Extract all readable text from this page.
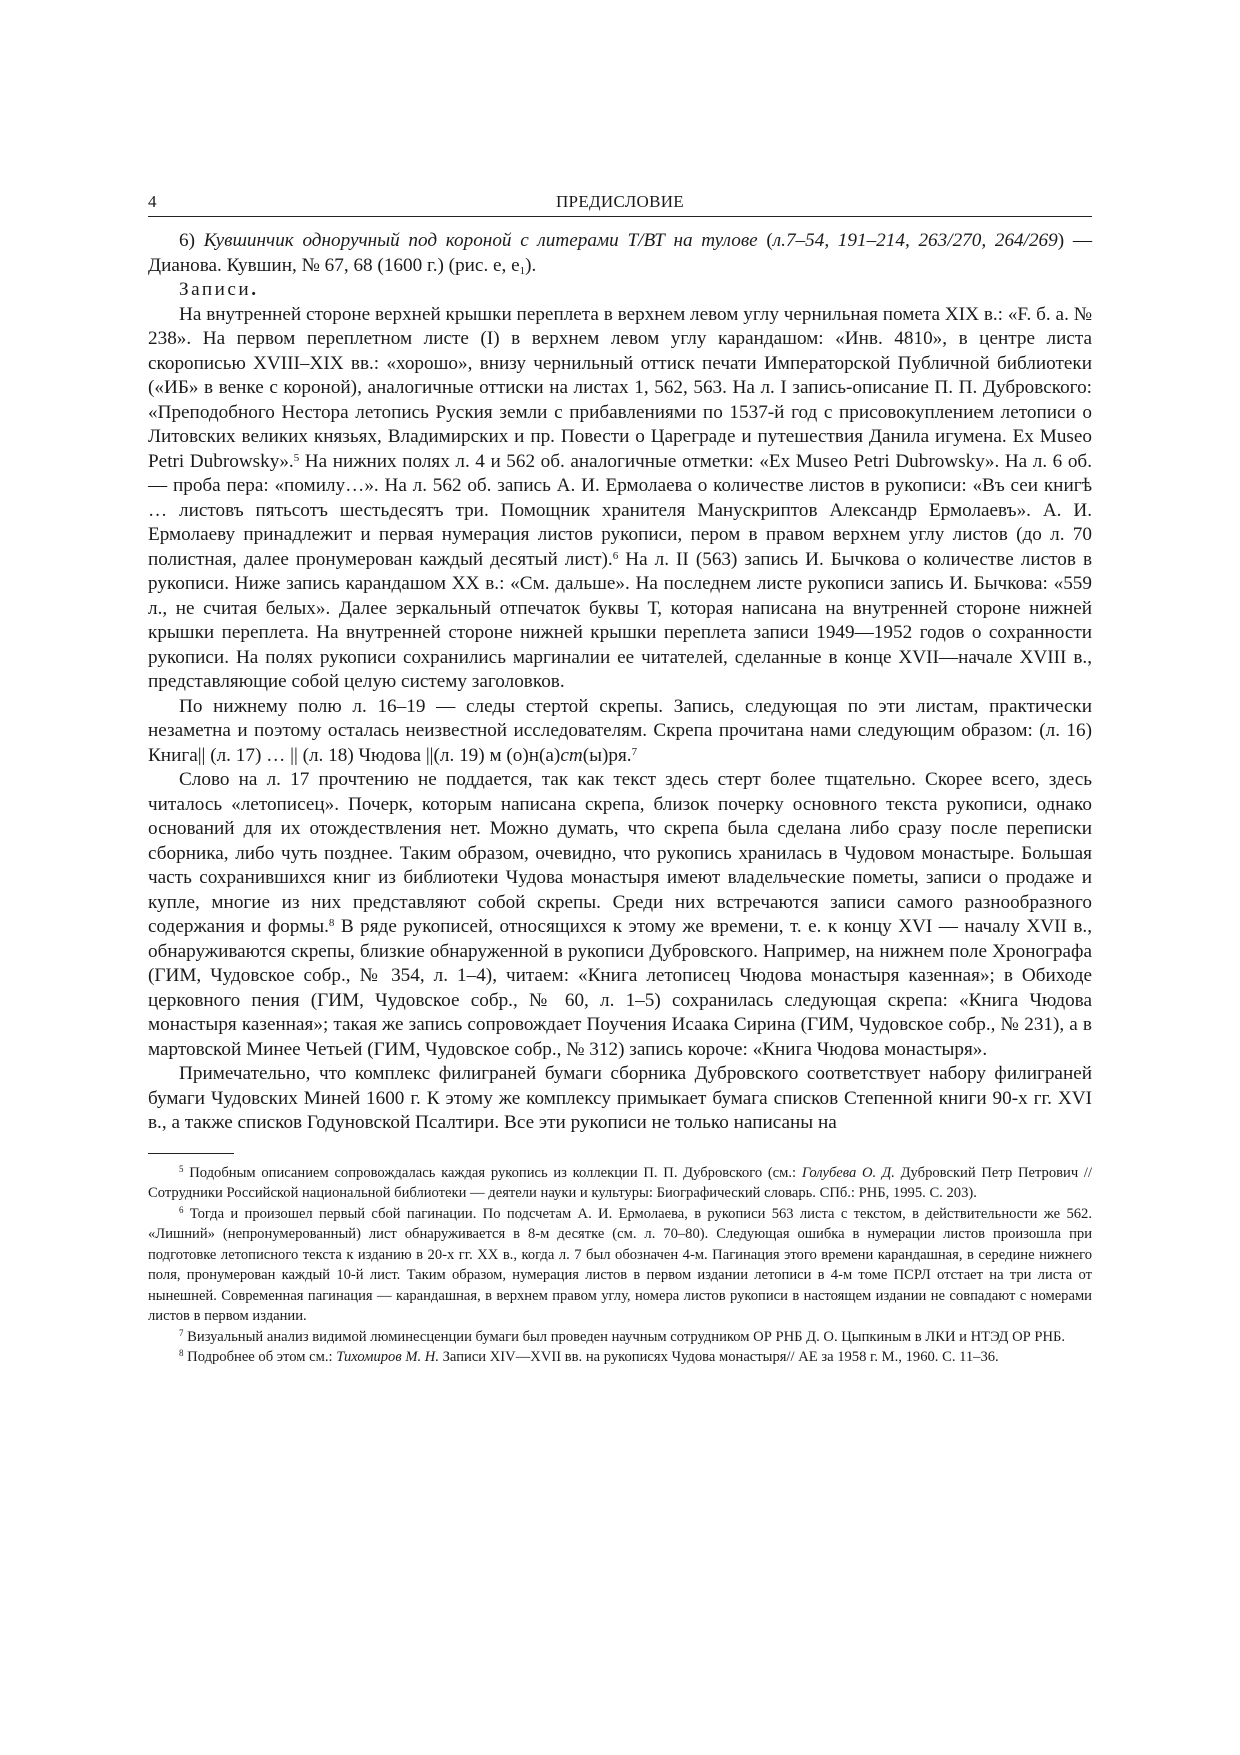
4	ПРЕДИСЛОВИЕ

6) Кувшинчик одноручный под короной с литерами Т/ВТ на тулове (л.7–54, 191–214, 263/270, 264/269) — Дианова. Кувшин, № 67, 68 (1600 г.) (рис. е, $е_1$).

Записи.

На внутренней стороне верхней крышки переплета в верхнем левом углу чернильная помета XIX в.: «F. б. а. № 238». На первом переплетном листе (I) в верхнем левом углу карандашом: «Инв. 4810», в центре листа скорописью XVIII–XIX вв.: «хорошо», внизу чернильный оттиск печати Императорской Публичной библиотеки («ИБ» в венке с короной), аналогичные оттиски на листах 1, 562, 563. На л. I запись-описание П. П. Дубровского: «Преподобного Нестора летопись Руския земли с прибавлениями по 1537-й год с присовокуплением летописи о Литовских великих князьях, Владимирских и пр. Повести о Цареграде и путешествия Данила игумена. Ex Museo Petri Dubrowsky».$^5$ На нижних полях л. 4 и 562 об. аналогичные отметки: «Ex Museo Petri Dubrowsky». На л. 6 об. — проба пера: «помилу…». На л. 562 об. запись А. И. Ермолаева о количестве листов в рукописи: «Въ сеи книгѣ … листовъ пятьсотъ шестьдесятъ три. Помощник хранителя Манускриптов Александр Ермолаевъ». А. И. Ермолаеву принадлежит и первая нумерация листов рукописи, пером в правом верхнем углу листов (до л. 70 полистная, далее пронумерован каждый десятый лист).$^6$ На л. II (563) запись И. Бычкова о количестве листов в рукописи. Ниже запись карандашом XX в.: «См. дальше». На последнем листе рукописи запись И. Бычкова: «559 л., не считая белых». Далее зеркальный отпечаток буквы Т, которая написана на внутренней стороне нижней крышки переплета. На внутренней стороне нижней крышки переплета записи 1949—1952 годов о сохранности рукописи. На полях рукописи сохранились маргиналии ее читателей, сделанные в конце XVII—начале XVIII в., представляющие собой целую систему заголовков.

По нижнему полю л. 16–19 — следы стертой скрепы. Запись, следующая по эти листам, практически незаметна и поэтому осталась неизвестной исследователям. Скрепа прочитана нами следующим образом: (л. 16) Книга|| (л. 17) … || (л. 18) Чюдова ||(л. 19) м (о)н(а)ст(ы)ря.$^7$

Слово на л. 17 прочтению не поддается, так как текст здесь стерт более тщательно. Скорее всего, здесь читалось «летописец». Почерк, которым написана скрепа, близок почерку основного текста рукописи, однако оснований для их отождествления нет. Можно думать, что скрепа была сделана либо сразу после переписки сборника, либо чуть позднее. Таким образом, очевидно, что рукопись хранилась в Чудовом монастыре. Большая часть сохранившихся книг из библиотеки Чудова монастыря имеют владельческие пометы, записи о продаже и купле, многие из них представляют собой скрепы. Среди них встречаются записи самого разнообразного содержания и формы.$^8$ В ряде рукописей, относящихся к этому же времени, т. е. к концу XVI — началу XVII в., обнаруживаются скрепы, близкие обнаруженной в рукописи Дубровского. Например, на нижнем поле Хронографа (ГИМ, Чудовское собр., № 354, л. 1–4), читаем: «Книга летописец Чюдова монастыря казенная»; в Обиходе церковного пения (ГИМ, Чудовское собр., № 60, л. 1–5) сохранилась следующая скрепа: «Книга Чюдова монастыря казенная»; такая же запись сопровождает Поучения Исаака Сирина (ГИМ, Чудовское собр., № 231), а в мартовской Минее Четьей (ГИМ, Чудовское собр., № 312) запись короче: «Книга Чюдова монастыря».

Примечательно, что комплекс филиграней бумаги сборника Дубровского соответствует набору филиграней бумаги Чудовских Миней 1600 г. К этому же комплексу примыкает бумага списков Степенной книги 90-х гг. XVI в., а также списков Годуновской Псалтири. Все эти рукописи не только написаны на

$^5$ Подобным описанием сопровождалась каждая рукопись из коллекции П. П. Дубровского (см.: Голубева О. Д. Дубровский Петр Петрович // Сотрудники Российской национальной библиотеки — деятели науки и культуры: Биографический словарь. СПб.: РНБ, 1995. С. 203).

$^6$ Тогда и произошел первый сбой пагинации. По подсчетам А. И. Ермолаева, в рукописи 563 листа с текстом, в действительности же 562. «Лишний» (непронумерованный) лист обнаруживается в 8-м десятке (см. л. 70–80). Следующая ошибка в нумерации листов произошла при подготовке летописного текста к изданию в 20-х гг. XX в., когда л. 7 был обозначен 4-м. Пагинация этого времени карандашная, в середине нижнего поля, пронумерован каждый 10-й лист. Таким образом, нумерация листов в первом издании летописи в 4-м томе ПСРЛ отстает на три листа от нынешней. Современная пагинация — карандашная, в верхнем правом углу, номера листов рукописи в настоящем издании не совпадают с номерами листов в первом издании.

$^7$ Визуальный анализ видимой люминесценции бумаги был проведен научным сотрудником ОР РНБ Д. О. Цыпкиным в ЛКИ и НТЭД ОР РНБ.

$^8$ Подробнее об этом см.: Тихомиров М. Н. Записи XIV—XVII вв. на рукописях Чудова монастыря// АЕ за 1958 г. М., 1960. С. 11–36.
